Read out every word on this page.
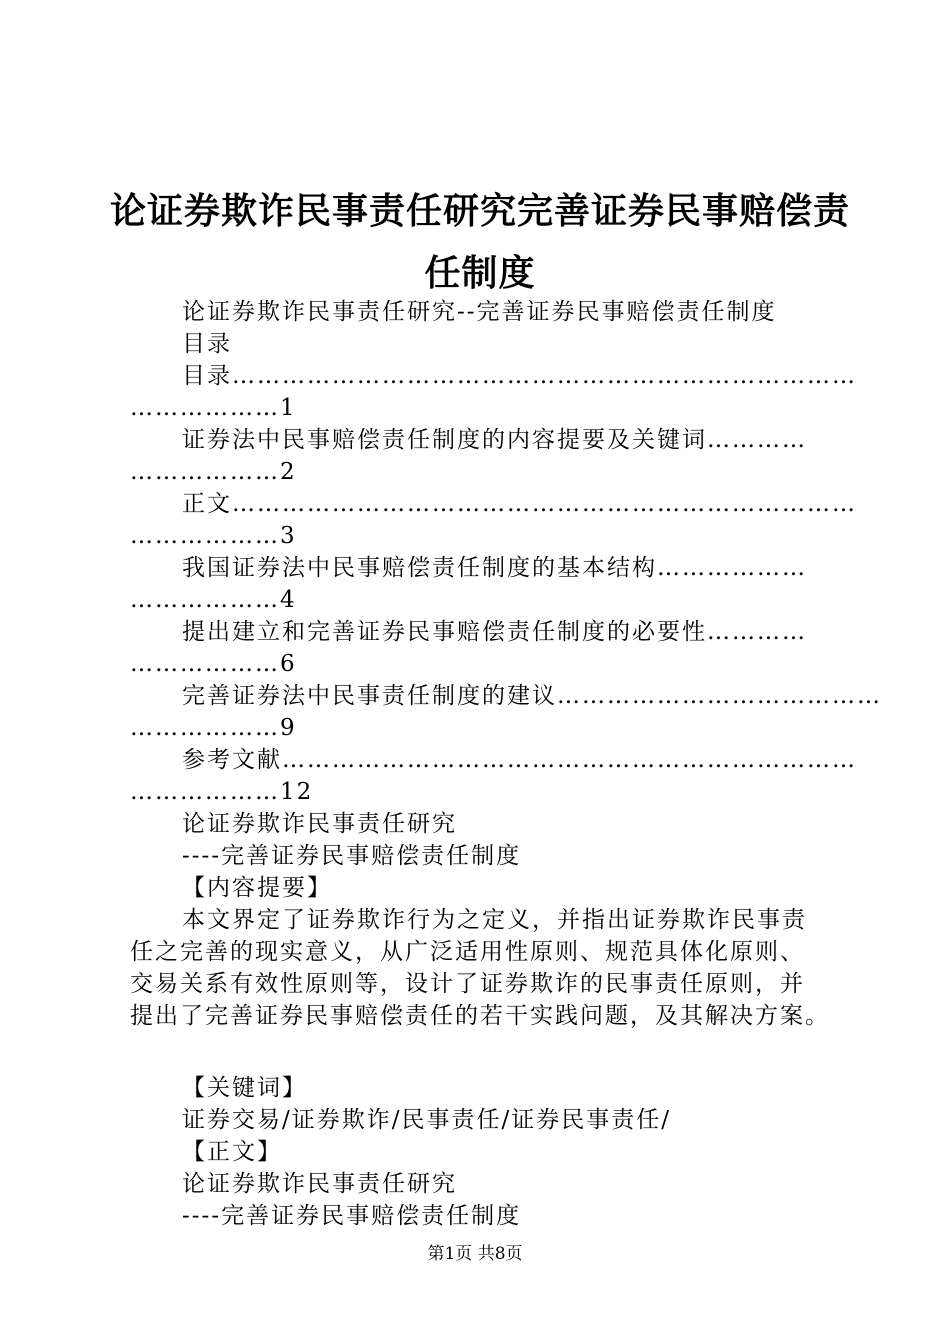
论证券欺诈民事责任研究完善证券民事赔偿责任制度
论证券欺诈民事责任研究--完善证券民事赔偿责任制度
目录
目录…………………………………………………………………
………………1
证券法中民事赔偿责任制度的内容提要及关键词…………
………………2
正文…………………………………………………………………
………………3
我国证券法中民事赔偿责任制度的基本结构………………
………………4
提出建立和完善证券民事赔偿责任制度的必要性…………
………………6
完善证券法中民事责任制度的建议…………………………………
………………9
参考文献……………………………………………………………
………………12
论证券欺诈民事责任研究
----完善证券民事赔偿责任制度
【内容提要】
本文界定了证券欺诈行为之定义，并指出证券欺诈民事责
任之完善的现实意义，从广泛适用性原则、规范具体化原则、
交易关系有效性原则等，设计了证券欺诈的民事责任原则，并
提出了完善证券民事赔偿责任的若干实践问题，及其解决方案。
【关键词】
证券交易/证券欺诈/民事责任/证券民事责任/
【正文】
论证券欺诈民事责任研究
----完善证券民事赔偿责任制度
第1页 共8页
